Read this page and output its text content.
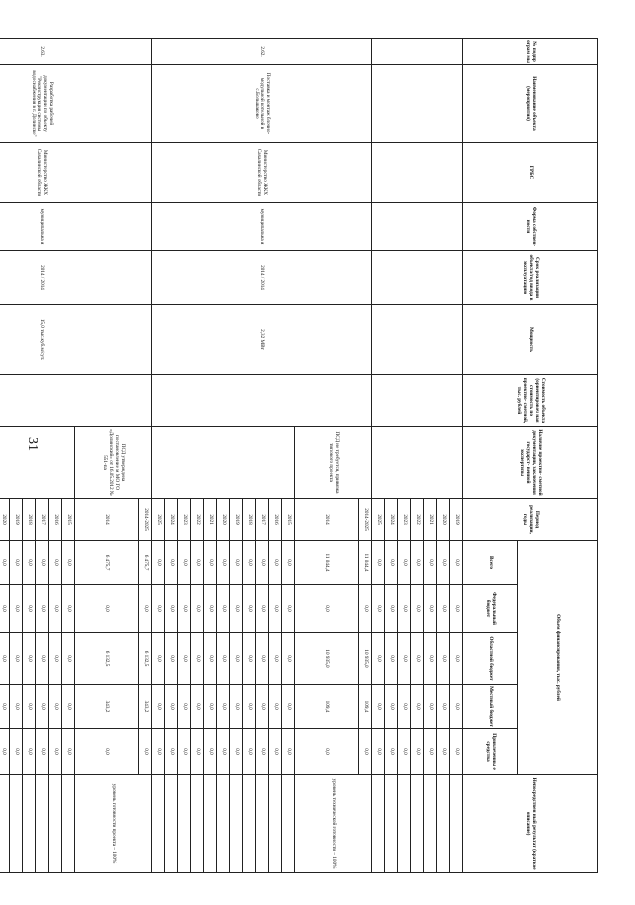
31
№ подпр ограм мы	Наименование объекта (мероприятия)	ГРБС	Форма собствен- ности	Срок реализации объекта/год ввода в эксплуатацию	Мощность	Стоимость объекта (ориентировоч ная стоимость по проектно- сметной, тыс. рублей	Наличие проектно- сметной документации, заключения государст- венной экспертизы	Период реализации, годы	Объем финансирования, тыс. рублей					Непосредствен ный результат (краткое описание)
									Всего	Федеральный бюджет	Областной бюджет	Местный бюджет	Привлеченны е средства	
								2019	0,0	0,0	0,0	0,0	0,0	
								2020	0,0	0,0	0,0	0,0	0,0	
								2021	0,0	0,0	0,0	0,0	0,0	
								2022	0,0	0,0	0,0	0,0	0,0	
								2023	0,0	0,0	0,0	0,0	0,0	
								2024	0,0	0,0	0,0	0,0	0,0	
								2025	0,0	0,0	0,0	0,0	0,0	
2.62.	Поставка и монтаж блочно-модульной котельной в с.Большаково	Министерство ЖКХ Сахалинской области	муниципальна я	2014 / 2014	2,32 МВт		ПСД не требуется, привязка типового проекта	2014-2025	11 044,4	0,0	10 935,0	109,4	0,0	уровень технической готовности – 100%
								2014	11 044,4	0,0	10 935,0	109,4	0,0	
								2015	0,0	0,0	0,0	0,0	0,0	
								2016	0,0	0,0	0,0	0,0	0,0	
								2017	0,0	0,0	0,0	0,0	0,0	
								2018	0,0	0,0	0,0	0,0	0,0	
								2019	0,0	0,0	0,0	0,0	0,0	
								2020	0,0	0,0	0,0	0,0	0,0	
								2021	0,0	0,0	0,0	0,0	0,0	
								2022	0,0	0,0	0,0	0,0	0,0	
								2023	0,0	0,0	0,0	0,0	0,0	
								2024	0,0	0,0	0,0	0,0	0,0	
								2025	0,0	0,0	0,0	0,0	0,0	
2.63.	Разработка рабочей документации по объекту "Реконструкция системы водоснабжения в г. Долинске"	Министерство ЖКХ Сахалинской области	муниципальна я	2014 / 2014	15,0 тыс.куб.м/сут.		ПСД утверждена постановление м МО ГО «Долинский» от 16.05.2012 № 551-па	2014-2025	6 475,7	0,0	6 132,5	343,2	0,0	уровень готовности проекта – 100%
								2014	6 475,7	0,0	6 132,5	343,2	0,0	
								2015	0,0	0,0	0,0	0,0	0,0	
								2016	0,0	0,0	0,0	0,0	0,0	
								2017	0,0	0,0	0,0	0,0	0,0	
								2018	0,0	0,0	0,0	0,0	0,0	
								2019	0,0	0,0	0,0	0,0	0,0	
								2020	0,0	0,0	0,0	0,0	0,0	
